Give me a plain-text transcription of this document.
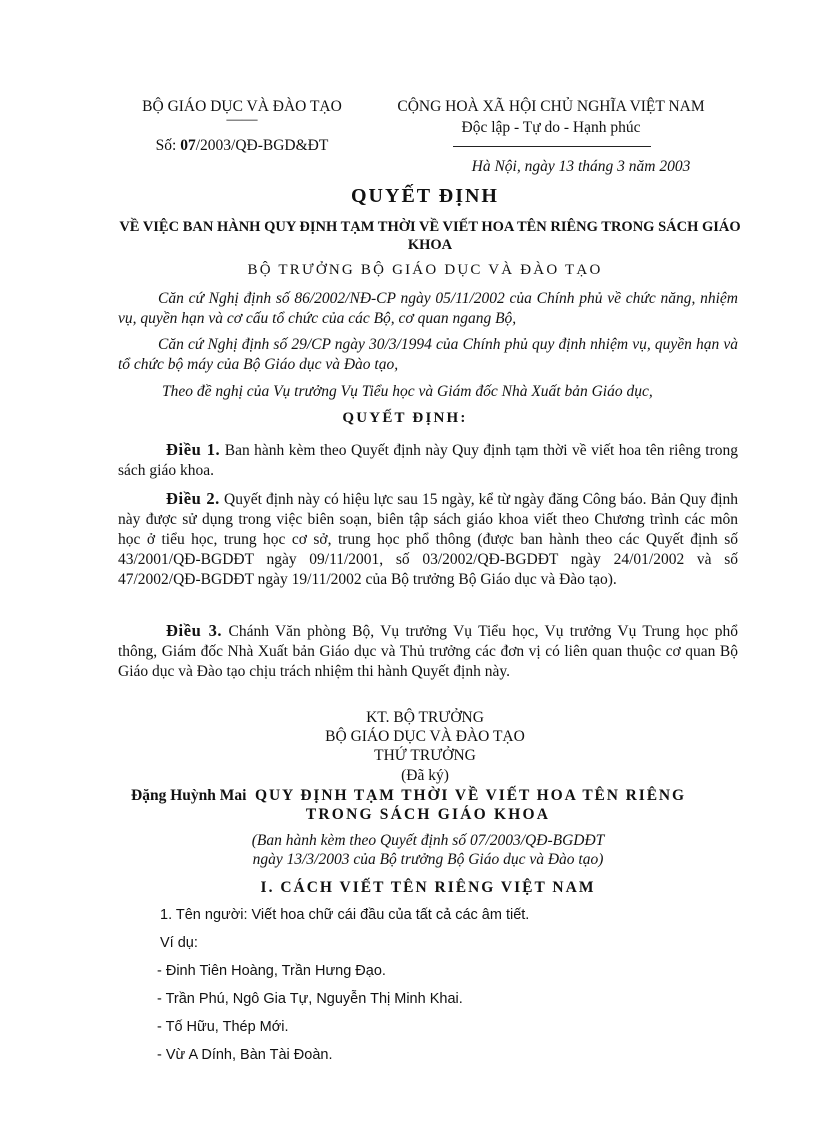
BỘ GIÁO DỤC VÀ ĐÀO TẠO
——
Số: 07/2003/QĐ-BGD&ĐT
CỘNG HOÀ XÃ HỘI CHỦ NGHĨA VIỆT NAM
Độc lập - Tự do - Hạnh phúc
Hà Nội, ngày 13 tháng 3 năm 2003
QUYẾT ĐỊNH
VỀ VIỆC BAN HÀNH QUY ĐỊNH TẠM THỜI VỀ VIẾT HOA TÊN RIÊNG TRONG SÁCH GIÁO KHOA
BỘ TRƯỞNG BỘ GIÁO DỤC VÀ ĐÀO TẠO
Căn cứ Nghị định số 86/2002/NĐ-CP ngày 05/11/2002 của Chính phủ về chức năng, nhiệm vụ, quyền hạn và cơ cấu tổ chức của các Bộ, cơ quan ngang Bộ,
Căn cứ Nghị định số 29/CP ngày 30/3/1994 của Chính phủ quy định nhiệm vụ, quyền hạn và tổ chức bộ máy của Bộ Giáo dục và Đào tạo,
Theo đề nghị của Vụ trưởng Vụ Tiểu học và Giám đốc Nhà Xuất bản Giáo dục,
QUYẾT ĐỊNH:
Điều 1. Ban hành kèm theo Quyết định này Quy định tạm thời về viết hoa tên riêng trong sách giáo khoa.
Điều 2. Quyết định này có hiệu lực sau 15 ngày, kể từ ngày đăng Công báo. Bản Quy định này được sử dụng trong việc biên soạn, biên tập sách giáo khoa viết theo Chương trình các môn học ở tiểu học, trung học cơ sở, trung học phổ thông (được ban hành theo các Quyết định số 43/2001/QĐ-BGDĐT ngày 09/11/2001, số 03/2002/QĐ-BGDĐT ngày 24/01/2002 và số 47/2002/QĐ-BGDĐT ngày 19/11/2002 của Bộ trưởng Bộ Giáo dục và Đào tạo).
Điều 3. Chánh Văn phòng Bộ, Vụ trưởng Vụ Tiểu học, Vụ trưởng Vụ Trung học phổ thông, Giám đốc Nhà Xuất bản Giáo dục và Thủ trưởng các đơn vị có liên quan thuộc cơ quan Bộ Giáo dục và Đào tạo chịu trách nhiệm thi hành Quyết định này.
KT. BỘ TRƯỞNG
BỘ GIÁO DỤC VÀ ĐÀO TẠO
THỨ TRƯỞNG
(Đã ký)
Đặng Huỳnh Mai QUY ĐỊNH TẠM THỜI VỀ VIẾT HOA TÊN RIÊNG
TRONG SÁCH GIÁO KHOA
(Ban hành kèm theo Quyết định số 07/2003/QĐ-BGDĐT
ngày 13/3/2003 của Bộ trưởng Bộ Giáo dục và Đào tạo)
I. CÁCH VIẾT TÊN RIÊNG VIỆT NAM
1. Tên người: Viết hoa chữ cái đầu của tất cả các âm tiết.
Ví dụ:
- Đinh Tiên Hoàng, Trần Hưng Đạo.
- Trần Phú, Ngô Gia Tự, Nguyễn Thị Minh Khai.
- Tố Hữu, Thép Mới.
- Vừ A Dính, Bàn Tài Đoàn.
